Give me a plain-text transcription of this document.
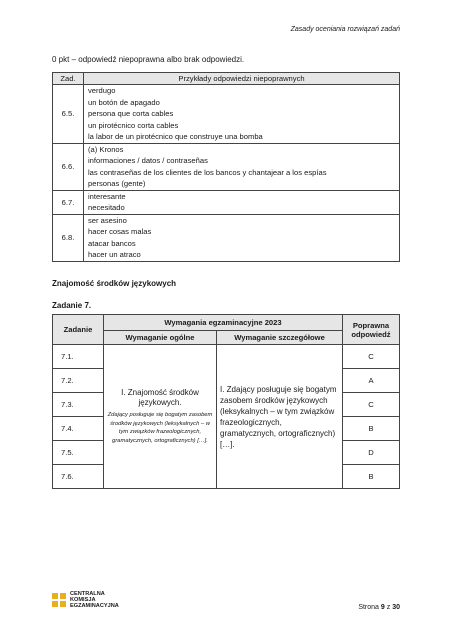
Zasady oceniania rozwiązań zadań
0 pkt – odpowiedź niepoprawna albo brak odpowiedzi.
Zad.	Przykłady odpowiedzi niepoprawnych
6.5.	verdugo
un botón de apagado
persona que corta cables
un pirotécnico corta cables
la labor de un pirotécnico que construye una bomba

6.6.	(a) Kronos
informaciones / datos / contraseñas
las contraseñas de los clientes de los bancos y chantajear a los espías
personas (gente)

6.7.	interesante
necesitado

6.8.	ser asesino
hacer cosas malas
atacar bancos
hacer un atraco
Znajomość środków językowych
Zadanie 7.
Zadanie	Wymagania egzaminacyjne 2023		Poprawna odpowiedź
	Wymaganie ogólne	Wymaganie szczegółowe	
7.1.	I. Znajomość środków językowych.
Zdający posługuje się bogatym zasobem środków językowych (leksykalnych – w tym związków frazeologicznych, gramatycznych, ortograficznych) […].	I. Zdający posługuje się bogatym zasobem środków językowych (leksykalnych – w tym związków frazeologicznych, gramatycznych, ortograficznych) […].	C
7.2.			A
7.3.			C
7.4.			B
7.5.			D
7.6.			B
CENTRALNA
KOMISJA
EGZAMINACYJNA	Strona 9 z 30
